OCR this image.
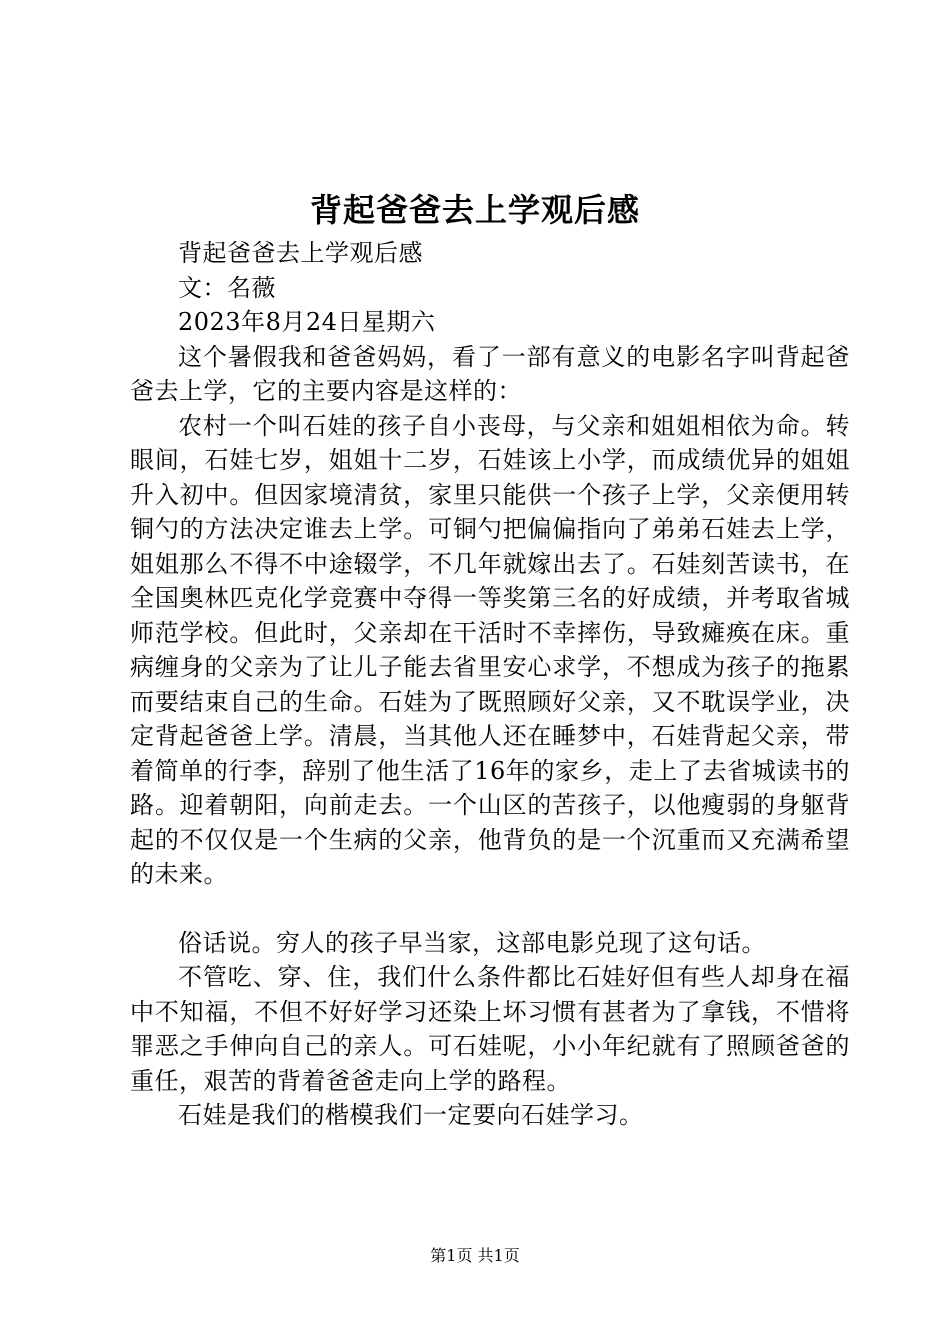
背起爸爸去上学观后感

背起爸爸去上学观后感

文：名薇

2023年8月24日星期六

这个暑假我和爸爸妈妈，看了一部有意义的电影名字叫背起爸爸去上学，它的主要内容是这样的：

农村一个叫石娃的孩子自小丧母，与父亲和姐姐相依为命。转眼间，石娃七岁，姐姐十二岁，石娃该上小学，而成绩优异的姐姐升入初中。但因家境清贫，家里只能供一个孩子上学，父亲便用转铜勺的方法决定谁去上学。可铜勺把偏偏指向了弟弟石娃去上学，姐姐那么不得不中途辍学，不几年就嫁出去了。石娃刻苦读书，在全国奥林匹克化学竞赛中夺得一等奖第三名的好成绩，并考取省城师范学校。但此时，父亲却在干活时不幸摔伤，导致瘫痪在床。重病缠身的父亲为了让儿子能去省里安心求学，不想成为孩子的拖累而要结束自己的生命。石娃为了既照顾好父亲，又不耽误学业，决定背起爸爸上学。清晨，当其他人还在睡梦中，石娃背起父亲，带着简单的行李，辞别了他生活了16年的家乡，走上了去省城读书的路。迎着朝阳，向前走去。一个山区的苦孩子，以他瘦弱的身躯背起的不仅仅是一个生病的父亲，他背负的是一个沉重而又充满希望的未来。

俗话说。穷人的孩子早当家，这部电影兑现了这句话。

不管吃、穿、住，我们什么条件都比石娃好但有些人却身在福中不知福，不但不好好学习还染上坏习惯有甚者为了拿钱，不惜将罪恶之手伸向自己的亲人。可石娃呢，小小年纪就有了照顾爸爸的重任，艰苦的背着爸爸走向上学的路程。

石娃是我们的楷模我们一定要向石娃学习。

第1页 共1页
